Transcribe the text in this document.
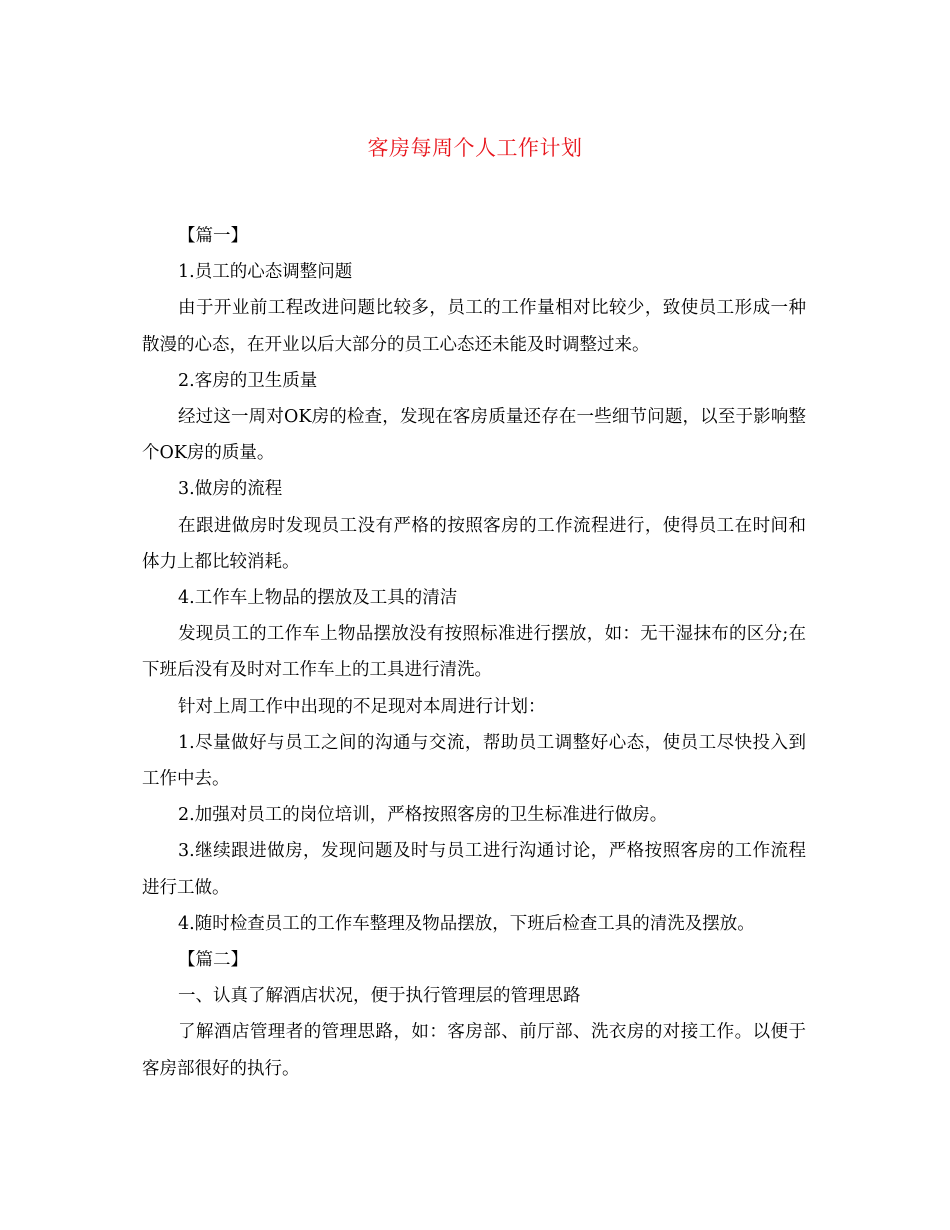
客房每周个人工作计划

【篇一】

1.员工的心态调整问题

由于开业前工程改进问题比较多，员工的工作量相对比较少，致使员工形成一种散漫的心态，在开业以后大部分的员工心态还未能及时调整过来。

2.客房的卫生质量

经过这一周对OK房的检查，发现在客房质量还存在一些细节问题，以至于影响整个OK房的质量。

3.做房的流程

在跟进做房时发现员工没有严格的按照客房的工作流程进行，使得员工在时间和体力上都比较消耗。

4.工作车上物品的摆放及工具的清洁

发现员工的工作车上物品摆放没有按照标准进行摆放，如：无干湿抹布的区分;在下班后没有及时对工作车上的工具进行清洗。

针对上周工作中出现的不足现对本周进行计划：

1.尽量做好与员工之间的沟通与交流，帮助员工调整好心态，使员工尽快投入到工作中去。

2.加强对员工的岗位培训，严格按照客房的卫生标准进行做房。

3.继续跟进做房，发现问题及时与员工进行沟通讨论，严格按照客房的工作流程进行工做。

4.随时检查员工的工作车整理及物品摆放，下班后检查工具的清洗及摆放。

【篇二】

一、认真了解酒店状况，便于执行管理层的管理思路

了解酒店管理者的管理思路，如：客房部、前厅部、洗衣房的对接工作。以便于客房部很好的执行。
